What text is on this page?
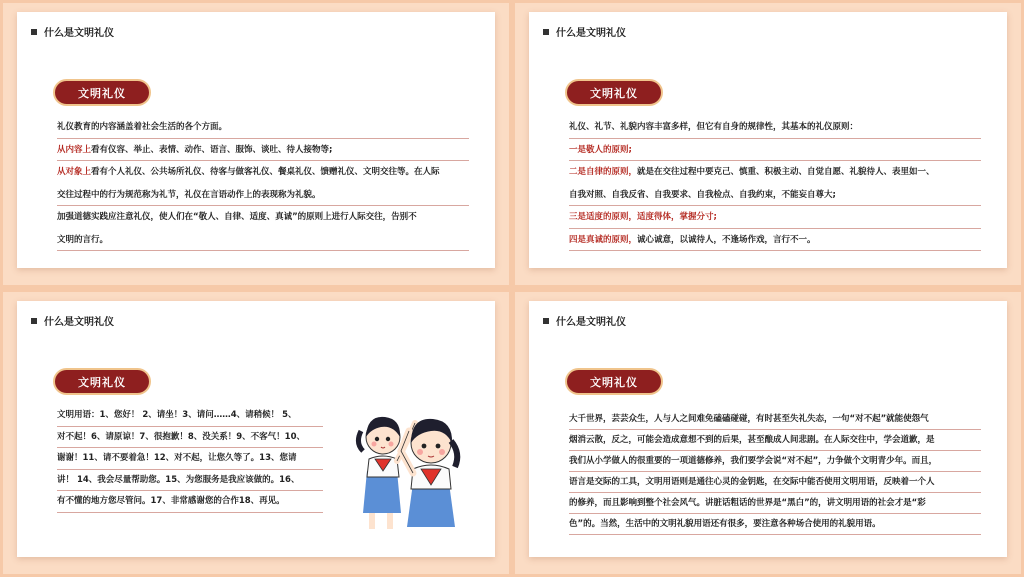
什么是文明礼仪
文明礼仪
礼仪教育的内容涵盖着社会生活的各个方面。
从内容上看有仪容、举止、表情、动作、语言、服饰、谈吐、待人接物等;
从对象上看有个人礼仪、公共场所礼仪、待客与做客礼仪、餐桌礼仪、馈赠礼仪、文明交往等。在人际
交往过程中的行为规范称为礼节，礼仪在言语动作上的表现称为礼貌。
加强道德实践应注意礼仪，使人们在“敬人、自律、适度、真诚”的原则上进行人际交往，告别不
文明的言行。
什么是文明礼仪
文明礼仪
礼仪、礼节、礼貌内容丰富多样，但它有自身的规律性，其基本的礼仪原则：
一是敬人的原则;
二是自律的原则，就是在交往过程中要克己、慎重、积极主动、自觉自愿、礼貌待人、表里如一、
自我对照、自我反省、自我要求、自我检点、自我约束，不能妄自尊大;
三是适度的原则，适度得体，掌握分寸;
四是真诚的原则，诚心诚意，以诚待人，不逢场作戏，言行不一。
什么是文明礼仪
文明礼仪
文明用语：1、您好！ 2、请坐！3、请问……4、请稍候！ 5、
对不起！6、请原谅！7、很抱歉！8、没关系！9、不客气！10、
谢谢！11、请不要着急！12、对不起，让您久等了。13、您请
讲！ 14、我会尽量帮助您。15、为您服务是我应该做的。16、
有不懂的地方您尽管问。17、非常感谢您的合作18、再见。
什么是文明礼仪
文明礼仪
大千世界，芸芸众生，人与人之间难免磕磕碰碰，有时甚至失礼失态，一句“对不起”就能使怨气
烟消云散，反之，可能会造成意想不到的后果，甚至酿成人间悲剧。在人际交往中，学会道歉，是
我们从小学做人的很重要的一项道德修养，我们要学会说“对不起”，力争做个文明青少年。而且，
语言是交际的工具，文明用语则是通往心灵的金钥匙，在交际中能否使用文明用语，反映着一个人
的修养，而且影响到整个社会风气。讲脏话粗话的世界是“黑白”的，讲文明用语的社会才是“彩
色”的。当然，生活中的文明礼貌用语还有很多，要注意各种场合使用的礼貌用语。
